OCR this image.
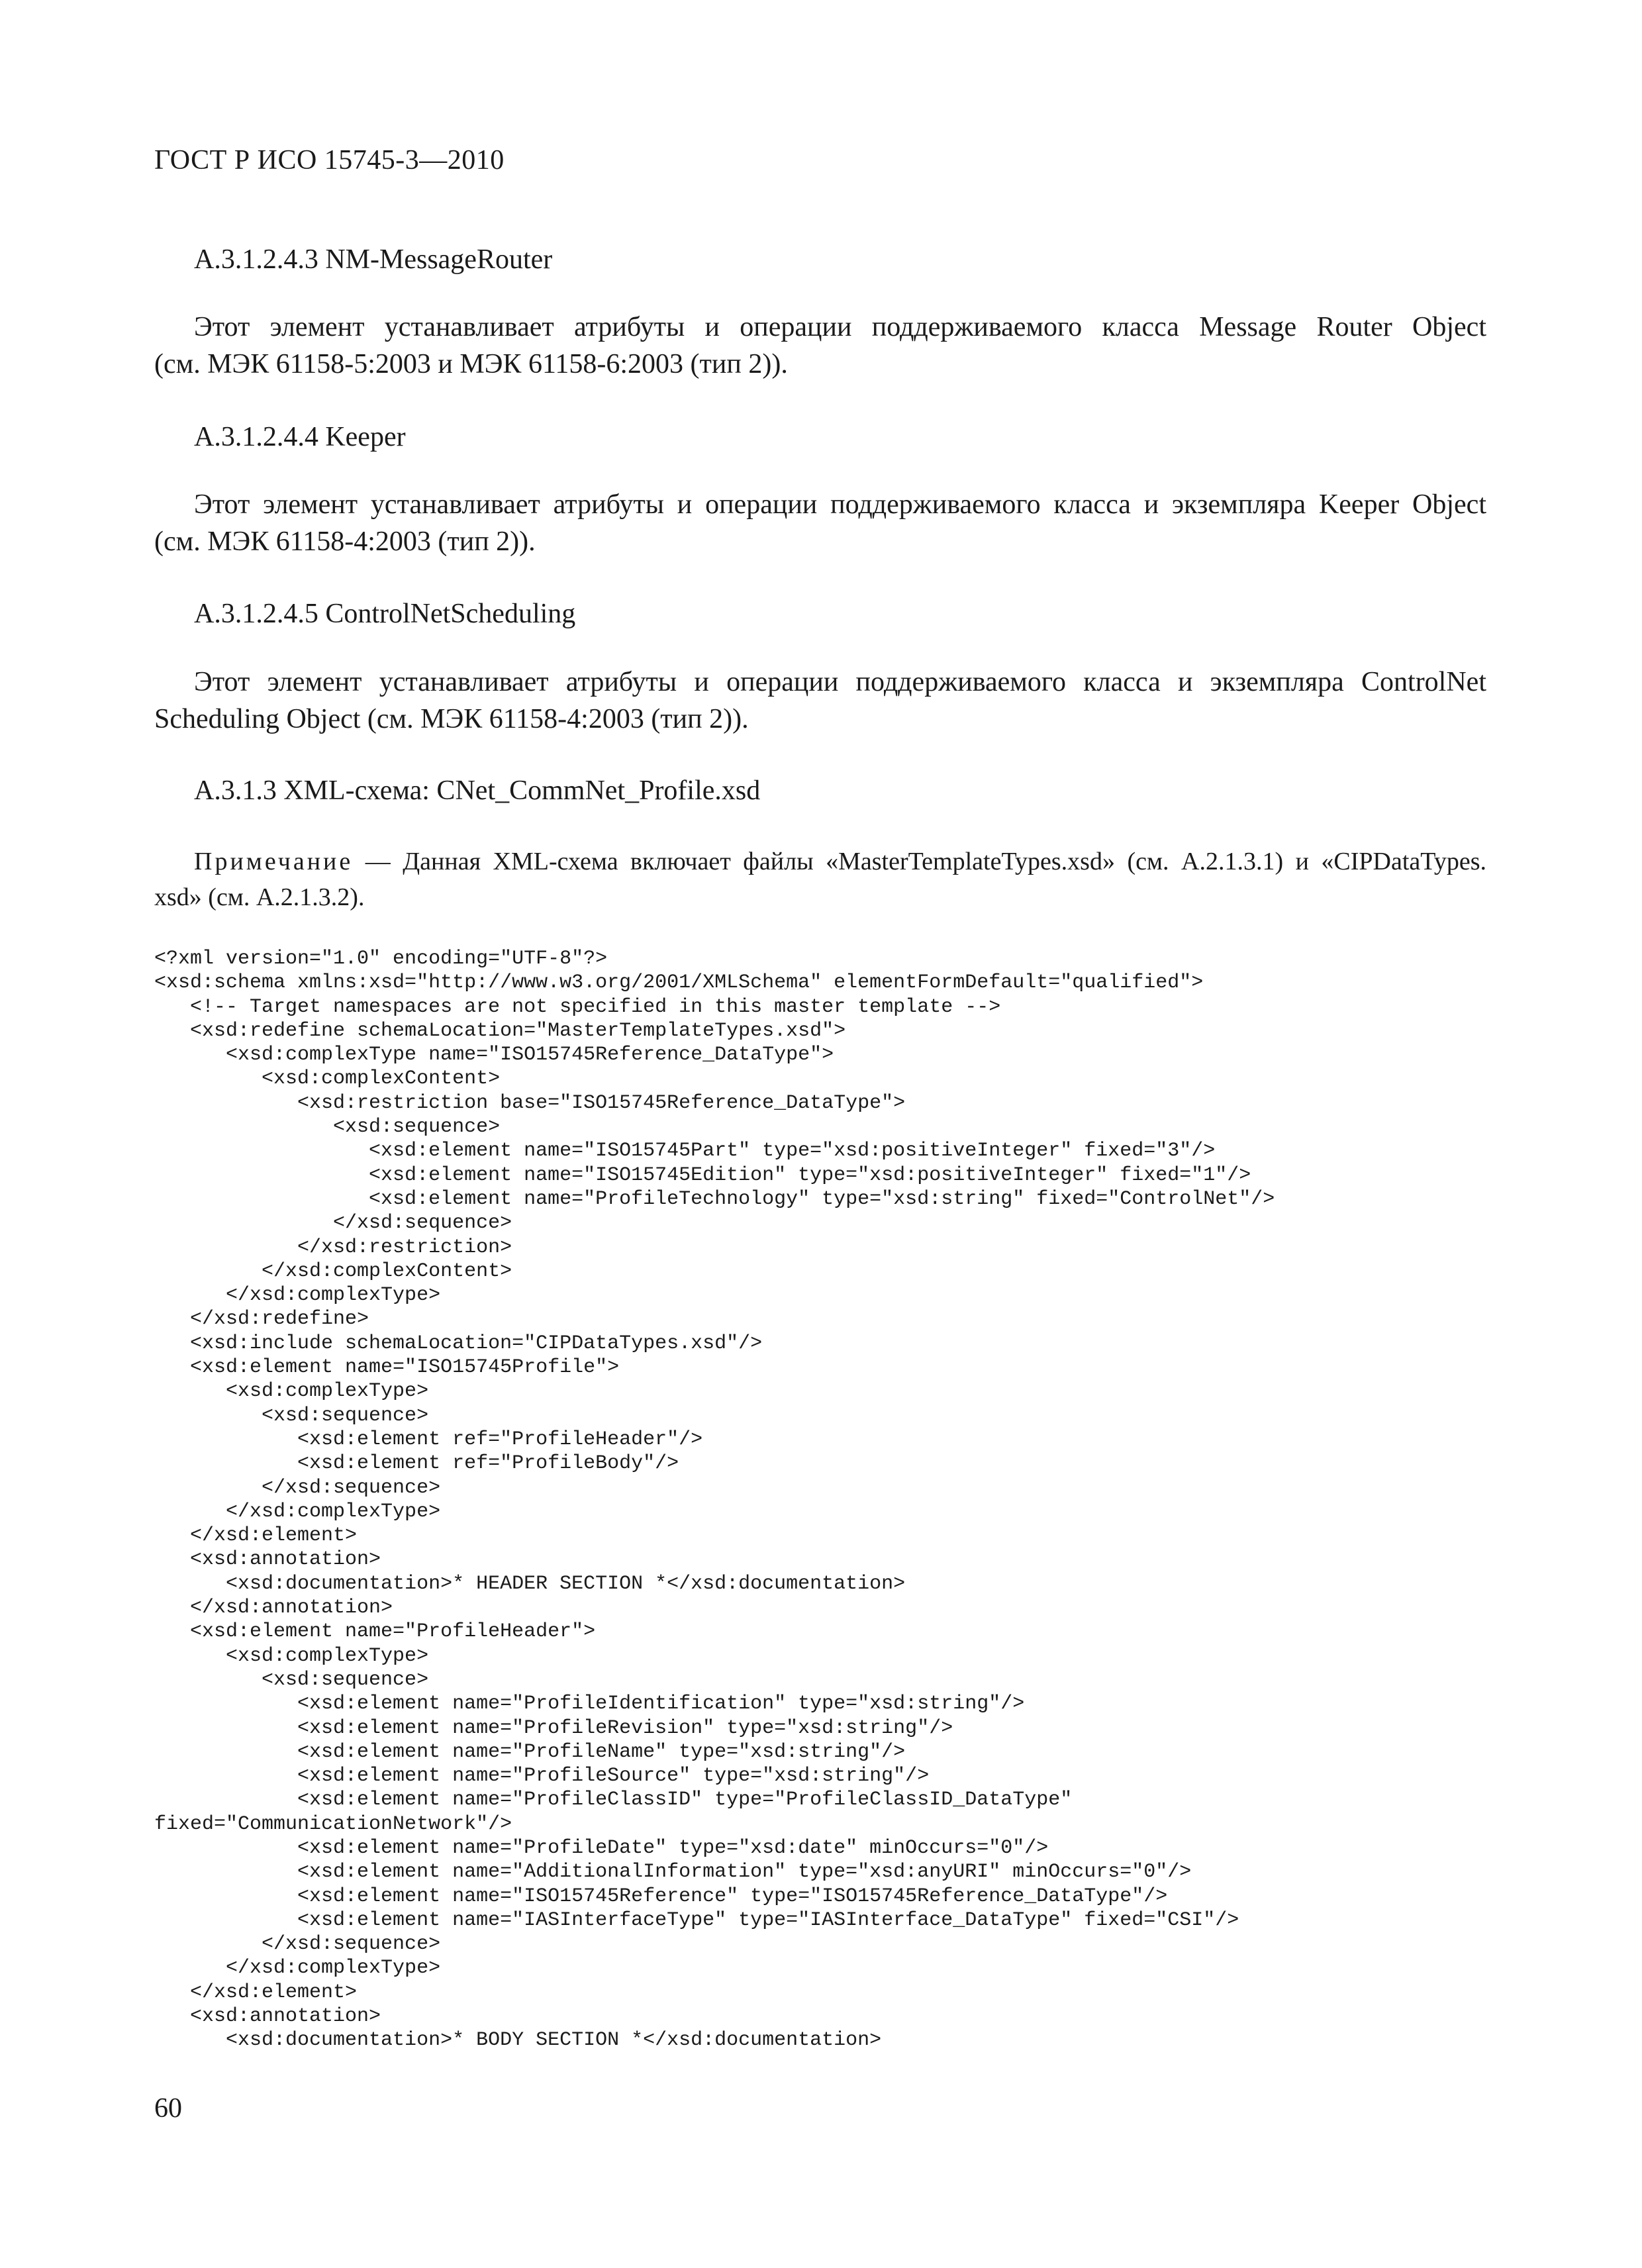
ГОСТ Р ИСО 15745-3—2010
A.3.1.2.4.3 NM-MessageRouter
Этот элемент устанавливает атрибуты и операции поддерживаемого класса Message Router Object
(см. МЭК 61158-5:2003 и МЭК 61158-6:2003 (тип 2)).
A.3.1.2.4.4 Keeper
Этот элемент устанавливает атрибуты и операции поддерживаемого класса и экземпляра Keeper Object
(см. МЭК 61158-4:2003 (тип 2)).
A.3.1.2.4.5 ControlNetScheduling
Этот элемент устанавливает атрибуты и операции поддерживаемого класса и экземпляра ControlNet
Scheduling Object (см. МЭК 61158-4:2003 (тип 2)).
A.3.1.3 XML-схема: CNet_CommNet_Profile.xsd
Примечание — Данная XML-схема включает файлы «MasterTemplateTypes.xsd» (см. A.2.1.3.1) и «CIPDataTypes.
xsd» (см. A.2.1.3.2).
<?xml version="1.0" encoding="UTF-8"?>
<xsd:schema xmlns:xsd="http://www.w3.org/2001/XMLSchema" elementFormDefault="qualified">
<!-- Target namespaces are not specified in this master template -->
<xsd:redefine schemaLocation="MasterTemplateTypes.xsd">
<xsd:complexType name="ISO15745Reference_DataType">
<xsd:complexContent>
<xsd:restriction base="ISO15745Reference_DataType">
<xsd:sequence>
<xsd:element name="ISO15745Part" type="xsd:positiveInteger" fixed="3"/>
<xsd:element name="ISO15745Edition" type="xsd:positiveInteger" fixed="1"/>
<xsd:element name="ProfileTechnology" type="xsd:string" fixed="ControlNet"/>
</xsd:sequence>
</xsd:restriction>
</xsd:complexContent>
</xsd:complexType>
</xsd:redefine>
<xsd:include schemaLocation="CIPDataTypes.xsd"/>
<xsd:element name="ISO15745Profile">
<xsd:complexType>
<xsd:sequence>
<xsd:element ref="ProfileHeader"/>
<xsd:element ref="ProfileBody"/>
</xsd:sequence>
</xsd:complexType>
</xsd:element>
<xsd:annotation>
<xsd:documentation>* HEADER SECTION *</xsd:documentation>
</xsd:annotation>
<xsd:element name="ProfileHeader">
<xsd:complexType>
<xsd:sequence>
<xsd:element name="ProfileIdentification" type="xsd:string"/>
<xsd:element name="ProfileRevision" type="xsd:string"/>
<xsd:element name="ProfileName" type="xsd:string"/>
<xsd:element name="ProfileSource" type="xsd:string"/>
<xsd:element name="ProfileClassID" type="ProfileClassID_DataType"
fixed="CommunicationNetwork"/>
<xsd:element name="ProfileDate" type="xsd:date" minOccurs="0"/>
<xsd:element name="AdditionalInformation" type="xsd:anyURI" minOccurs="0"/>
<xsd:element name="ISO15745Reference" type="ISO15745Reference_DataType"/>
<xsd:element name="IASInterfaceType" type="IASInterface_DataType" fixed="CSI"/>
</xsd:sequence>
</xsd:complexType>
</xsd:element>
<xsd:annotation>
<xsd:documentation>* BODY SECTION *</xsd:documentation>
60
